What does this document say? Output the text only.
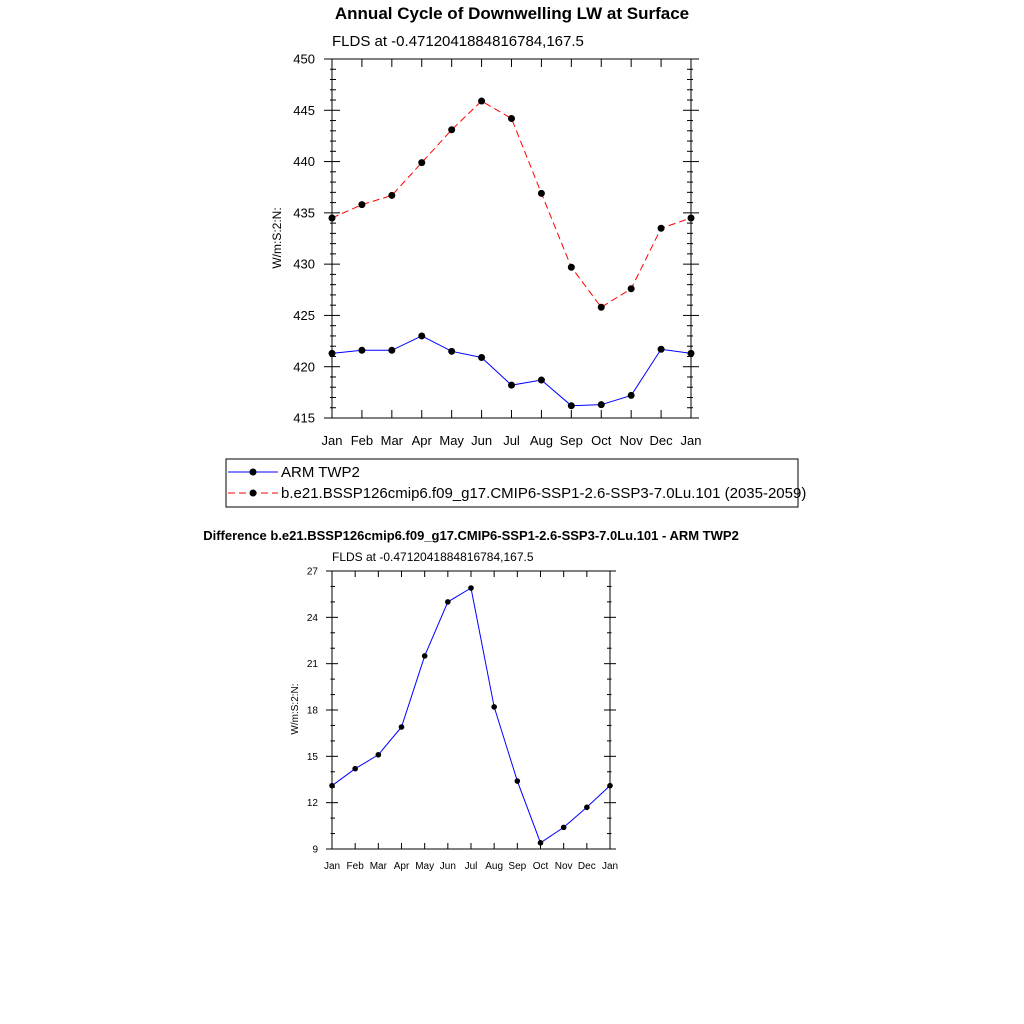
Annual Cycle of Downwelling LW at Surface
Difference b.e21.BSSP126cmip6.f09_g17.CMIP6-SSP1-2.6-SSP3-7.0Lu.101 - ARM TWP2
FLDS at -0.4712041884816784,167.5
W/m:S:2:N:
Jan Feb Mar Apr May Jun Jul Aug Sep Oct Nov Dec Jan
415
420
425
430
435
440
445
450
ARM TWP2
b.e21.BSSP126cmip6.f09_g17.CMIP6-SSP1-2.6-SSP3-7.0Lu.101 (2035-2059)
FLDS at -0.4712041884816784,167.5
W/m:S:2:N:
Jan Feb Mar Apr May Jun Jul Aug Sep Oct Nov Dec Jan
9
12
15
18
21
24
27
